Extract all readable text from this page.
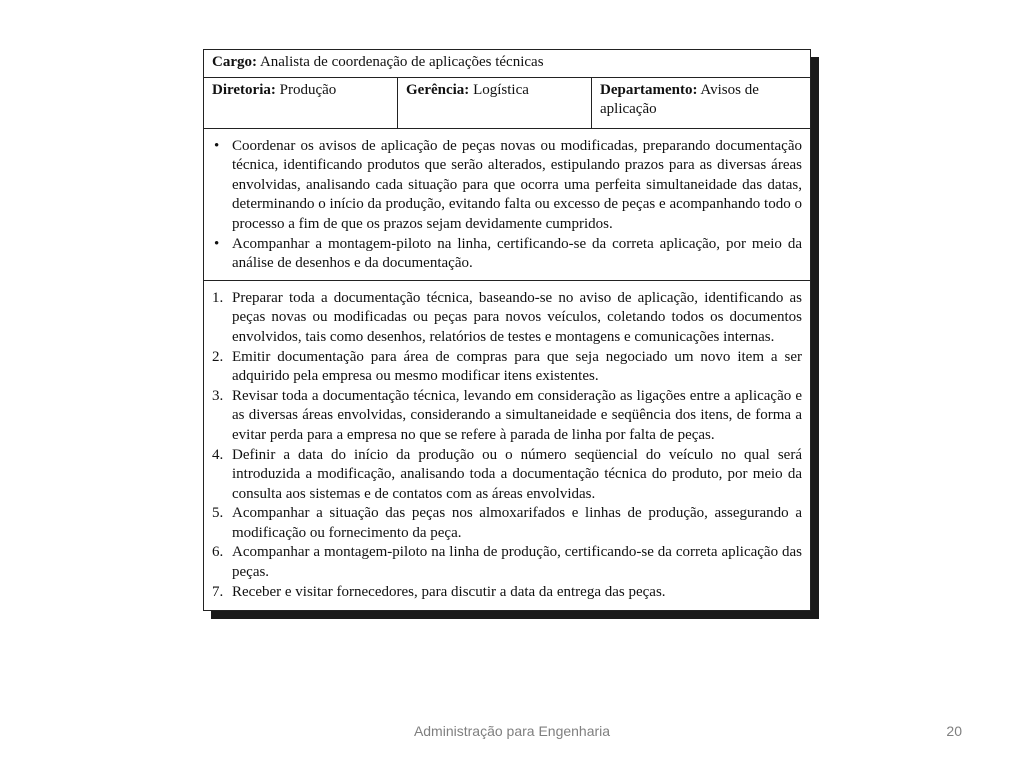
Cargo: Analista de coordenação de aplicações técnicas
Diretoria: Produção	Gerência: Logística	Departamento: Avisos de aplicação
• Coordenar os avisos de aplicação de peças novas ou modificadas, preparando documentação técnica, identificando produtos que serão alterados, estipulando prazos para as diversas áreas envolvidas, analisando cada situação para que ocorra uma perfeita simultaneidade das datas, determinando o início da produção, evitando falta ou excesso de peças e acompanhando todo o processo a fim de que os prazos sejam devidamente cumpridos.
• Acompanhar a montagem-piloto na linha, certificando-se da correta aplicação, por meio da análise de desenhos e da documentação.
1. Preparar toda a documentação técnica, baseando-se no aviso de aplicação, identificando as peças novas ou modificadas ou peças para novos veículos, coletando todos os documentos envolvidos, tais como desenhos, relatórios de testes e montagens e comunicações internas.
2. Emitir documentação para área de compras para que seja negociado um novo item a ser adquirido pela empresa ou mesmo modificar itens existentes.
3. Revisar toda a documentação técnica, levando em consideração as ligações entre a aplicação e as diversas áreas envolvidas, considerando a simultaneidade e seqüência dos itens, de forma a evitar perda para a empresa no que se refere à parada de linha por falta de peças.
4. Definir a data do início da produção ou o número seqüencial do veículo no qual será introduzida a modificação, analisando toda a documentação técnica do produto, por meio da consulta aos sistemas e de contatos com as áreas envolvidas.
5. Acompanhar a situação das peças nos almoxarifados e linhas de produção, assegurando a modificação ou fornecimento da peça.
6. Acompanhar a montagem-piloto na linha de produção, certificando-se da correta aplicação das peças.
7. Receber e visitar fornecedores, para discutir a data da entrega das peças.
Administração para Engenharia	20
